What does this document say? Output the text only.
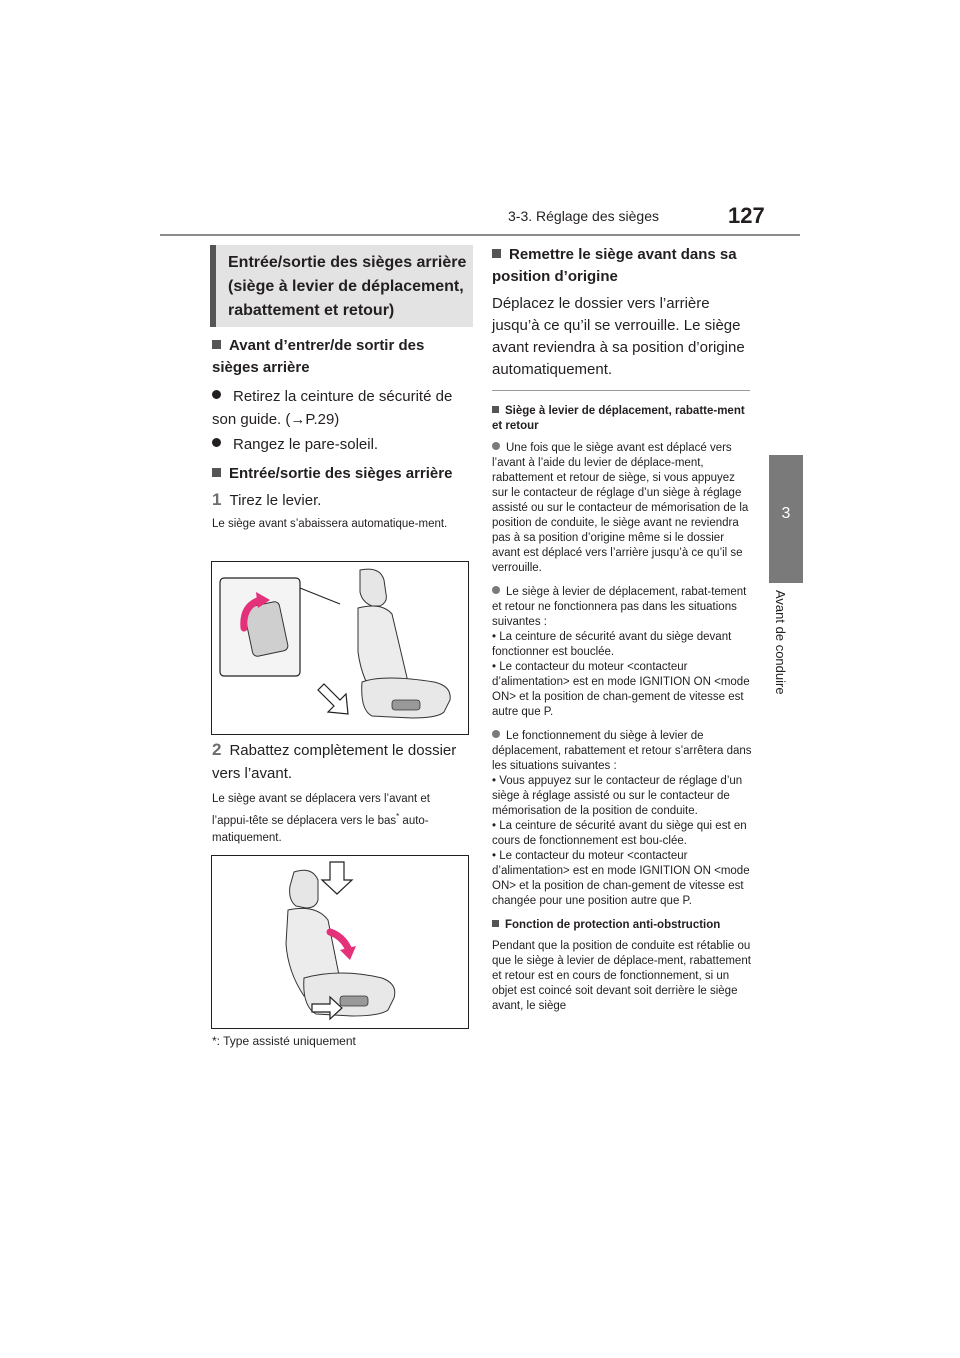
3-3. Réglage des sièges	127
3
Avant de conduire
Entrée/sortie des sièges arrière (siège à levier de déplacement, rabattement et retour)
Avant d’entrer/de sortir des sièges arrière
Retirez la ceinture de sécurité de son guide. (→P.29)
Rangez le pare-soleil.
Entrée/sortie des sièges arrière
1 Tirez le levier.
Le siège avant s’abaissera automatique-ment.
2 Rabattez complètement le dossier vers l’avant.
Le siège avant se déplacera vers l’avant et l’appui-tête se déplacera vers le bas* auto-matiquement.
*: Type assisté uniquement
Remettre le siège avant dans sa position d’origine
Déplacez le dossier vers l’arrière jusqu’à ce qu’il se verrouille. Le siège avant reviendra à sa position d’origine automatiquement.

Siège à levier de déplacement, rabatte-ment et retour

Une fois que le siège avant est déplacé vers l’avant à l’aide du levier de déplace-ment, rabattement et retour de siège, si vous appuyez sur le contacteur de réglage d’un siège à réglage assisté ou sur le contacteur de mémorisation de la position de conduite, le siège avant ne reviendra pas à sa position d’origine même si le dossier avant est déplacé vers l’arrière jusqu’à ce qu’il se verrouille.

Le siège à levier de déplacement, rabat-tement et retour ne fonctionnera pas dans les situations suivantes :

• La ceinture de sécurité avant du siège devant fonctionner est bouclée.

• Le contacteur du moteur <contacteur d’alimentation> est en mode IGNITION ON <mode ON> et la position de chan-gement de vitesse est autre que P.

Le fonctionnement du siège à levier de déplacement, rabattement et retour s’arrêtera dans les situations suivantes :

• Vous appuyez sur le contacteur de réglage d’un siège à réglage assisté ou sur le contacteur de mémorisation de la position de conduite.

• La ceinture de sécurité avant du siège qui est en cours de fonctionnement est bou-clée.

• Le contacteur du moteur <contacteur d’alimentation> est en mode IGNITION ON <mode ON> et la position de chan-gement de vitesse est changée pour une position autre que P.

Fonction de protection anti-obstruction

Pendant que la position de conduite est rétablie ou que le siège à levier de déplace-ment, rabattement et retour est en cours de fonctionnement, si un objet est coincé soit devant soit derrière le siège avant, le siège
